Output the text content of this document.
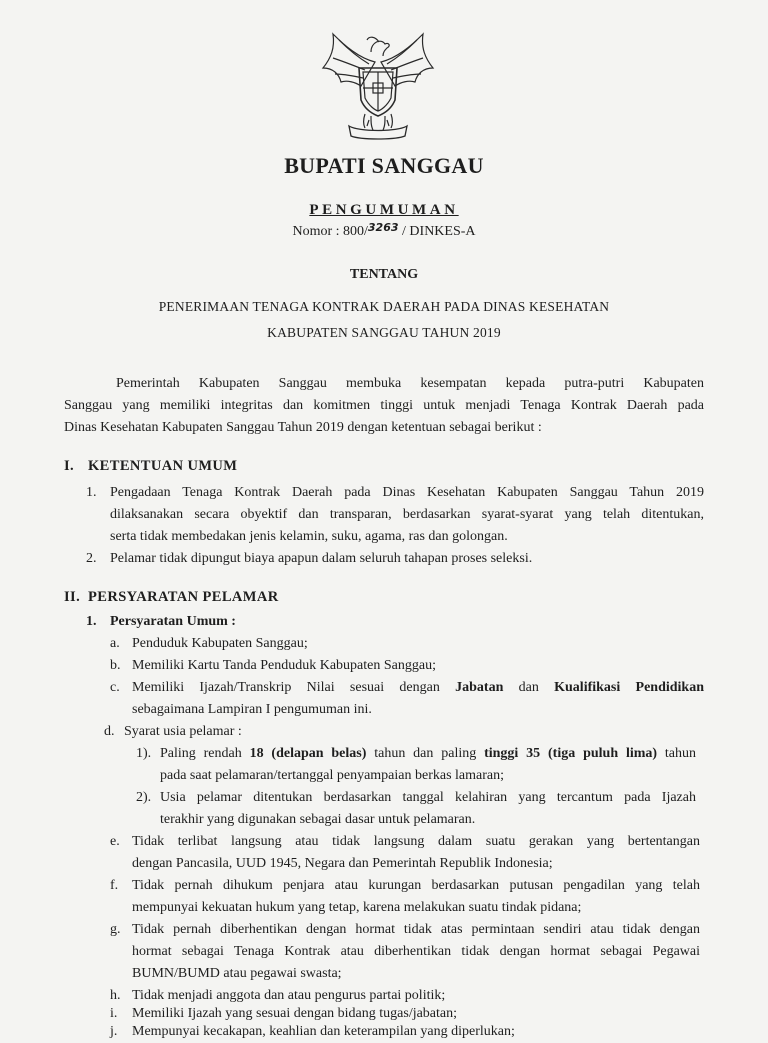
BUPATI SANGGAU
PENGUMUMAN
Nomor : 800/$^{3263}$ / DINKES-A
TENTANG
PENERIMAAN TENAGA KONTRAK DAERAH PADA DINAS KESEHATAN
KABUPATEN SANGGAU TAHUN 2019
Pemerintah Kabupaten Sanggau membuka kesempatan kepada putra-putri Kabupaten
Sanggau yang memiliki integritas dan komitmen tinggi untuk menjadi Tenaga Kontrak Daerah pada
Dinas Kesehatan Kabupaten Sanggau Tahun 2019 dengan ketentuan sebagai berikut :
I. KETENTUAN UMUM
1. Pengadaan Tenaga Kontrak Daerah pada Dinas Kesehatan Kabupaten Sanggau Tahun 2019
dilaksanakan secara obyektif dan transparan, berdasarkan syarat-syarat yang telah ditentukan,
serta tidak membedakan jenis kelamin, suku, agama, ras dan golongan.
2. Pelamar tidak dipungut biaya apapun dalam seluruh tahapan proses seleksi.
II. PERSYARATAN PELAMAR
1. Persyaratan Umum :
a. Penduduk Kabupaten Sanggau;
b. Memiliki Kartu Tanda Penduduk Kabupaten Sanggau;
c. Memiliki Ijazah/Transkrip Nilai sesuai dengan Jabatan dan Kualifikasi Pendidikan
sebagaimana Lampiran I pengumuman ini.
d. Syarat usia pelamar :
1). Paling rendah 18 (delapan belas) tahun dan paling tinggi 35 (tiga puluh lima) tahun
pada saat pelamaran/tertanggal penyampaian berkas lamaran;
2). Usia pelamar ditentukan berdasarkan tanggal kelahiran yang tercantum pada Ijazah
terakhir yang digunakan sebagai dasar untuk pelamaran.
e. Tidak terlibat langsung atau tidak langsung dalam suatu gerakan yang bertentangan
dengan Pancasila, UUD 1945, Negara dan Pemerintah Republik Indonesia;
f. Tidak pernah dihukum penjara atau kurungan berdasarkan putusan pengadilan yang telah
mempunyai kekuatan hukum yang tetap, karena melakukan suatu tindak pidana;
g. Tidak pernah diberhentikan dengan hormat tidak atas permintaan sendiri atau tidak dengan
hormat sebagai Tenaga Kontrak atau diberhentikan tidak dengan hormat sebagai Pegawai
BUMN/BUMD atau pegawai swasta;
h. Tidak menjadi anggota dan atau pengurus partai politik;
i. Memiliki Ijazah yang sesuai dengan bidang tugas/jabatan;
j. Mempunyai kecakapan, keahlian dan keterampilan yang diperlukan;
